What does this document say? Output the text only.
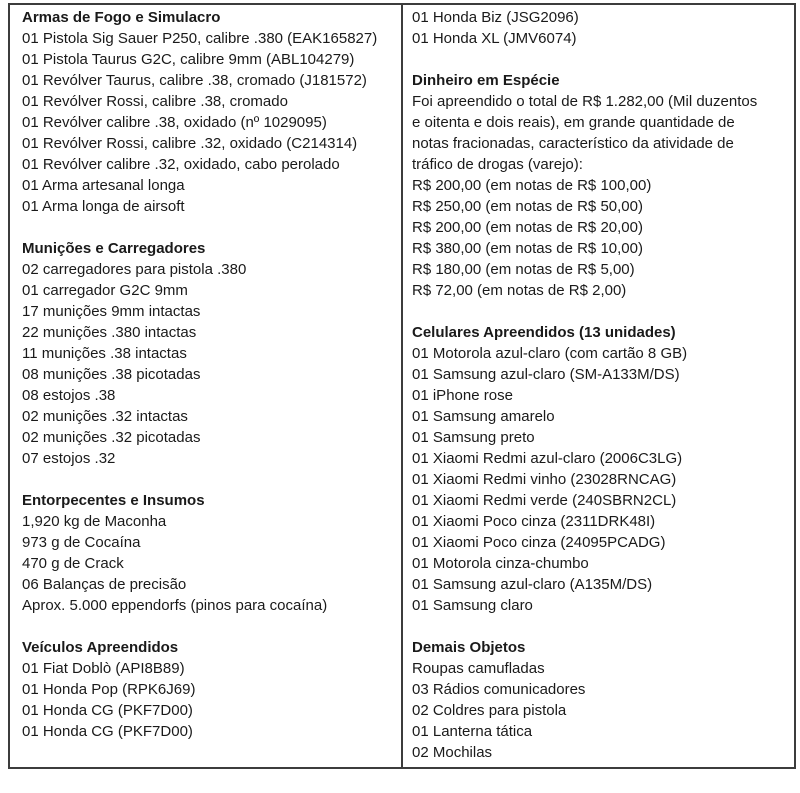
Armas de Fogo e Simulacro
01 Pistola Sig Sauer P250, calibre .380 (EAK165827)
01 Pistola Taurus G2C, calibre 9mm (ABL104279)
01 Revólver Taurus, calibre .38, cromado (J181572)
01 Revólver Rossi, calibre .38, cromado
01 Revólver calibre .38, oxidado (nº 1029095)
01 Revólver Rossi, calibre .32, oxidado (C214314)
01 Revólver calibre .32, oxidado, cabo perolado
01 Arma artesanal longa
01 Arma longa de airsoft

Munições e Carregadores
02 carregadores para pistola .380
01 carregador G2C 9mm
17 munições 9mm intactas
22 munições .380 intactas
11 munições .38 intactas
08 munições .38 picotadas
08 estojos .38
02 munições .32 intactas
02 munições .32 picotadas
07 estojos .32

Entorpecentes e Insumos
1,920 kg de Maconha
973 g de Cocaína
470 g de Crack
06 Balanças de precisão
Aprox. 5.000 eppendorfs (pinos para cocaína)

Veículos Apreendidos
01 Fiat Doblò (API8B89)
01 Honda Pop (RPK6J69)
01 Honda CG (PKF7D00)
01 Honda CG (PKF7D00)
01 Honda Biz (JSG2096)
01 Honda XL (JMV6074)

Dinheiro em Espécie
Foi apreendido o total de R$ 1.282,00 (Mil duzentos
e oitenta e dois reais), em grande quantidade de
notas fracionadas, característico da atividade de
tráfico de drogas (varejo):
R$ 200,00 (em notas de R$ 100,00)
R$ 250,00 (em notas de R$ 50,00)
R$ 200,00 (em notas de R$ 20,00)
R$ 380,00 (em notas de R$ 10,00)
R$ 180,00 (em notas de R$ 5,00)
R$ 72,00 (em notas de R$ 2,00)

Celulares Apreendidos (13 unidades)
01 Motorola azul-claro (com cartão 8 GB)
01 Samsung azul-claro (SM-A133M/DS)
01 iPhone rose
01 Samsung amarelo
01 Samsung preto
01 Xiaomi Redmi azul-claro (2006C3LG)
01 Xiaomi Redmi vinho (23028RNCAG)
01 Xiaomi Redmi verde (240SBRN2CL)
01 Xiaomi Poco cinza (2311DRK48I)
01 Xiaomi Poco cinza (24095PCADG)
01 Motorola cinza-chumbo
01 Samsung azul-claro (A135M/DS)
01 Samsung claro

Demais Objetos
Roupas camufladas
03 Rádios comunicadores
02 Coldres para pistola
01 Lanterna tática
02 Mochilas
